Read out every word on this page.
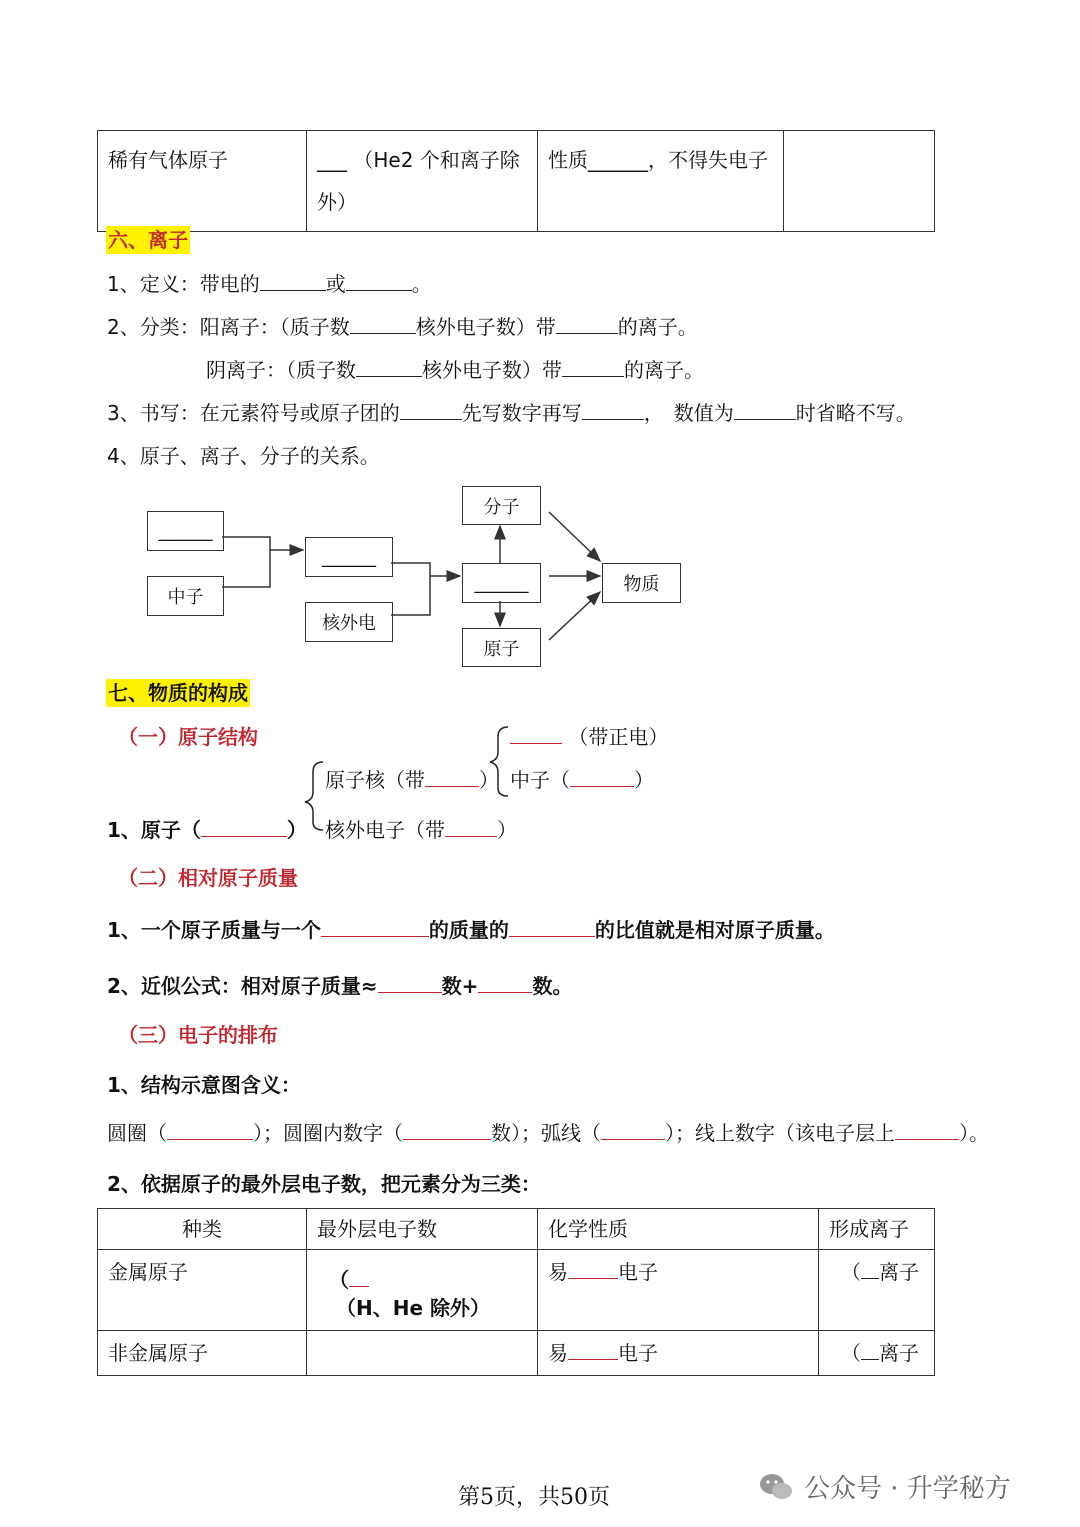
稀有气体原子	___ （He2 个和离子除外）	性质______，不得失电子	
六、离子
1、定义：带电的	或	。
2、分类：阳离子：（质子数	核外电子数）带	的离子。
阴离子：（质子数	核外电子数）带	的离子。
3、书写：在元素符号或原子团的	先写数字再写	，　数值为	时省略不写。
4、原子、离子、分子的关系。
______
中子
______
核外电
分子
______
原子
物质
七、物质的构成
（一）原子结构	（带正电）
原子核（带	） 中子（	）
1、原子（	） 核外电子（带	）
（二）相对原子质量
1、一个原子质量与一个	的质量的	的比值就是相对原子质量。
2、近似公式：相对原子质量≈	数+	数。
（三）电子的排布
1、结构示意图含义：
圆圈（	）；圆圈内数字（	数）；弧线（	）；线上数字（该电子层上	）。
2、依据原子的最外层电子数，把元素分为三类：
种类	最外层电子数	化学性质	形成离子
金属原子	（ （H、He 除外）	易 电子	（ 离子
非金属原子		易 电子	（ 离子
第5页，共50页	公众号 · 升学秘方
